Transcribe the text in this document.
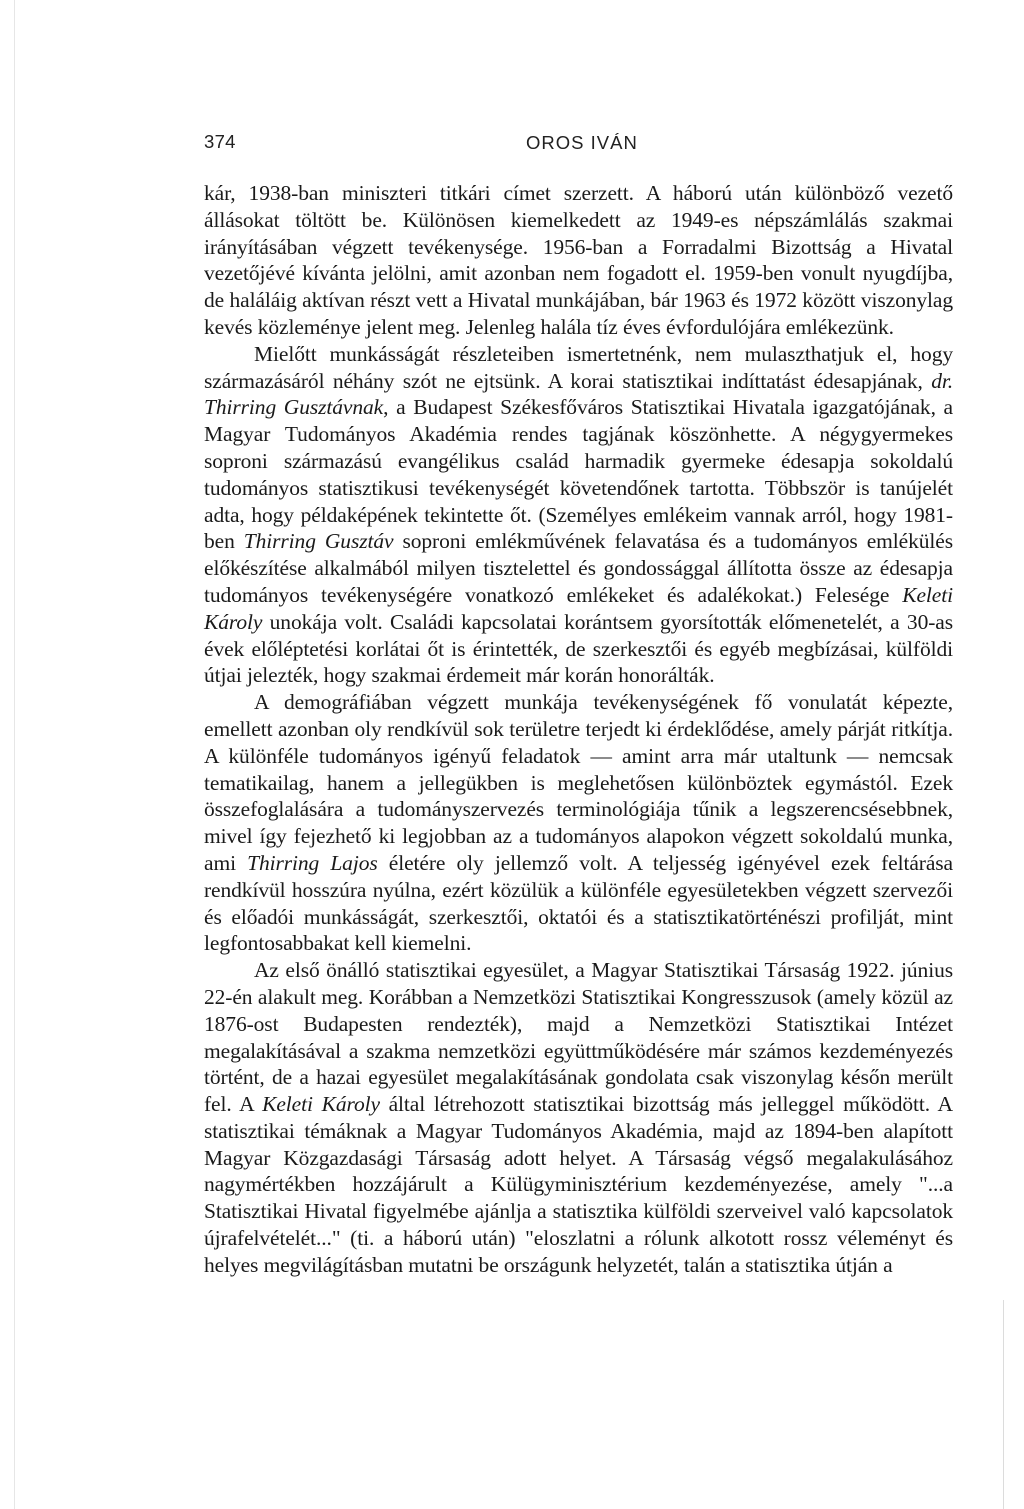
374	OROS IVÁN

kár, 1938-ban miniszteri titkári címet szerzett. A háború után különböző vezető állásokat töltött be. Különösen kiemelkedett az 1949-es népszámlálás szakmai irányításában végzett tevékenysége. 1956-ban a Forradalmi Bizottság a Hivatal vezetőjévé kívánta jelölni, amit azonban nem fogadott el. 1959-ben vonult nyugdíjba, de haláláig aktívan részt vett a Hivatal munkájában, bár 1963 és 1972 között viszonylag kevés közleménye jelent meg. Jelenleg halála tíz éves évfordulójára emlékezünk.

Mielőtt munkásságát részleteiben ismertetnénk, nem mulaszthatjuk el, hogy származásáról néhány szót ne ejtsünk. A korai statisztikai indíttatást édesapjának, dr. Thirring Gusztávnak, a Budapest Székesfőváros Statisztikai Hivatala igazgatójának, a Magyar Tudományos Akadémia rendes tagjának köszönhette. A négygyermekes soproni származású evangélikus család harmadik gyermeke édesapja sokoldalú tudományos statisztikusi tevékenységét követendőnek tartotta. Többször is tanújelét adta, hogy példaképének tekintette őt. (Személyes emlékeim vannak arról, hogy 1981-ben Thirring Gusztáv soproni emlékművének felavatása és a tudományos emlékülés előkészítése alkalmából milyen tisztelettel és gondossággal állította össze az édesapja tudományos tevékenységére vonatkozó emlékeket és adalékokat.) Felesége Keleti Károly unokája volt. Családi kapcsolatai korántsem gyorsították előmenetelét, a 30-as évek előléptetési korlátai őt is érintették, de szerkesztői és egyéb megbízásai, külföldi útjai jelezték, hogy szakmai érdemeit már korán honorálták.

A demográfiában végzett munkája tevékenységének fő vonulatát képezte, emellett azonban oly rendkívül sok területre terjedt ki érdeklődése, amely párját ritkítja. A különféle tudományos igényű feladatok — amint arra már utaltunk — nemcsak tematikailag, hanem a jellegükben is meglehetősen különböztek egymástól. Ezek összefoglalására a tudományszervezés terminológiája tűnik a legszerencsésebbnek, mivel így fejezhető ki legjobban az a tudományos alapokon végzett sokoldalú munka, ami Thirring Lajos életére oly jellemző volt. A teljesség igényével ezek feltárása rendkívül hosszúra nyúlna, ezért közülük a különféle egyesületekben végzett szervezői és előadói munkásságát, szerkesztői, oktatói és a statisztikatörténészi profilját, mint legfontosabbakat kell kiemelni.

Az első önálló statisztikai egyesület, a Magyar Statisztikai Társaság 1922. június 22-én alakult meg. Korábban a Nemzetközi Statisztikai Kongresszusok (amely közül az 1876-ost Budapesten rendezték), majd a Nemzetközi Statisztikai Intézet megalakításával a szakma nemzetközi együttműködésére már számos kezdeményezés történt, de a hazai egyesület megalakításának gondolata csak viszonylag későn merült fel. A Keleti Károly által létrehozott statisztikai bizottság más jelleggel működött. A statisztikai témáknak a Magyar Tudományos Akadémia, majd az 1894-ben alapított Magyar Közgazdasági Társaság adott helyet. A Társaság végső megalakulásához nagymértékben hozzájárult a Külügyminisztérium kezdeményezése, amely "...a Statisztikai Hivatal figyelmébe ajánlja a statisztika külföldi szerveivel való kapcsolatok újrafelvételét..." (ti. a háború után) "eloszlatni a rólunk alkotott rossz véleményt és helyes megvilágításban mutatni be országunk helyzetét, talán a statisztika útján a
